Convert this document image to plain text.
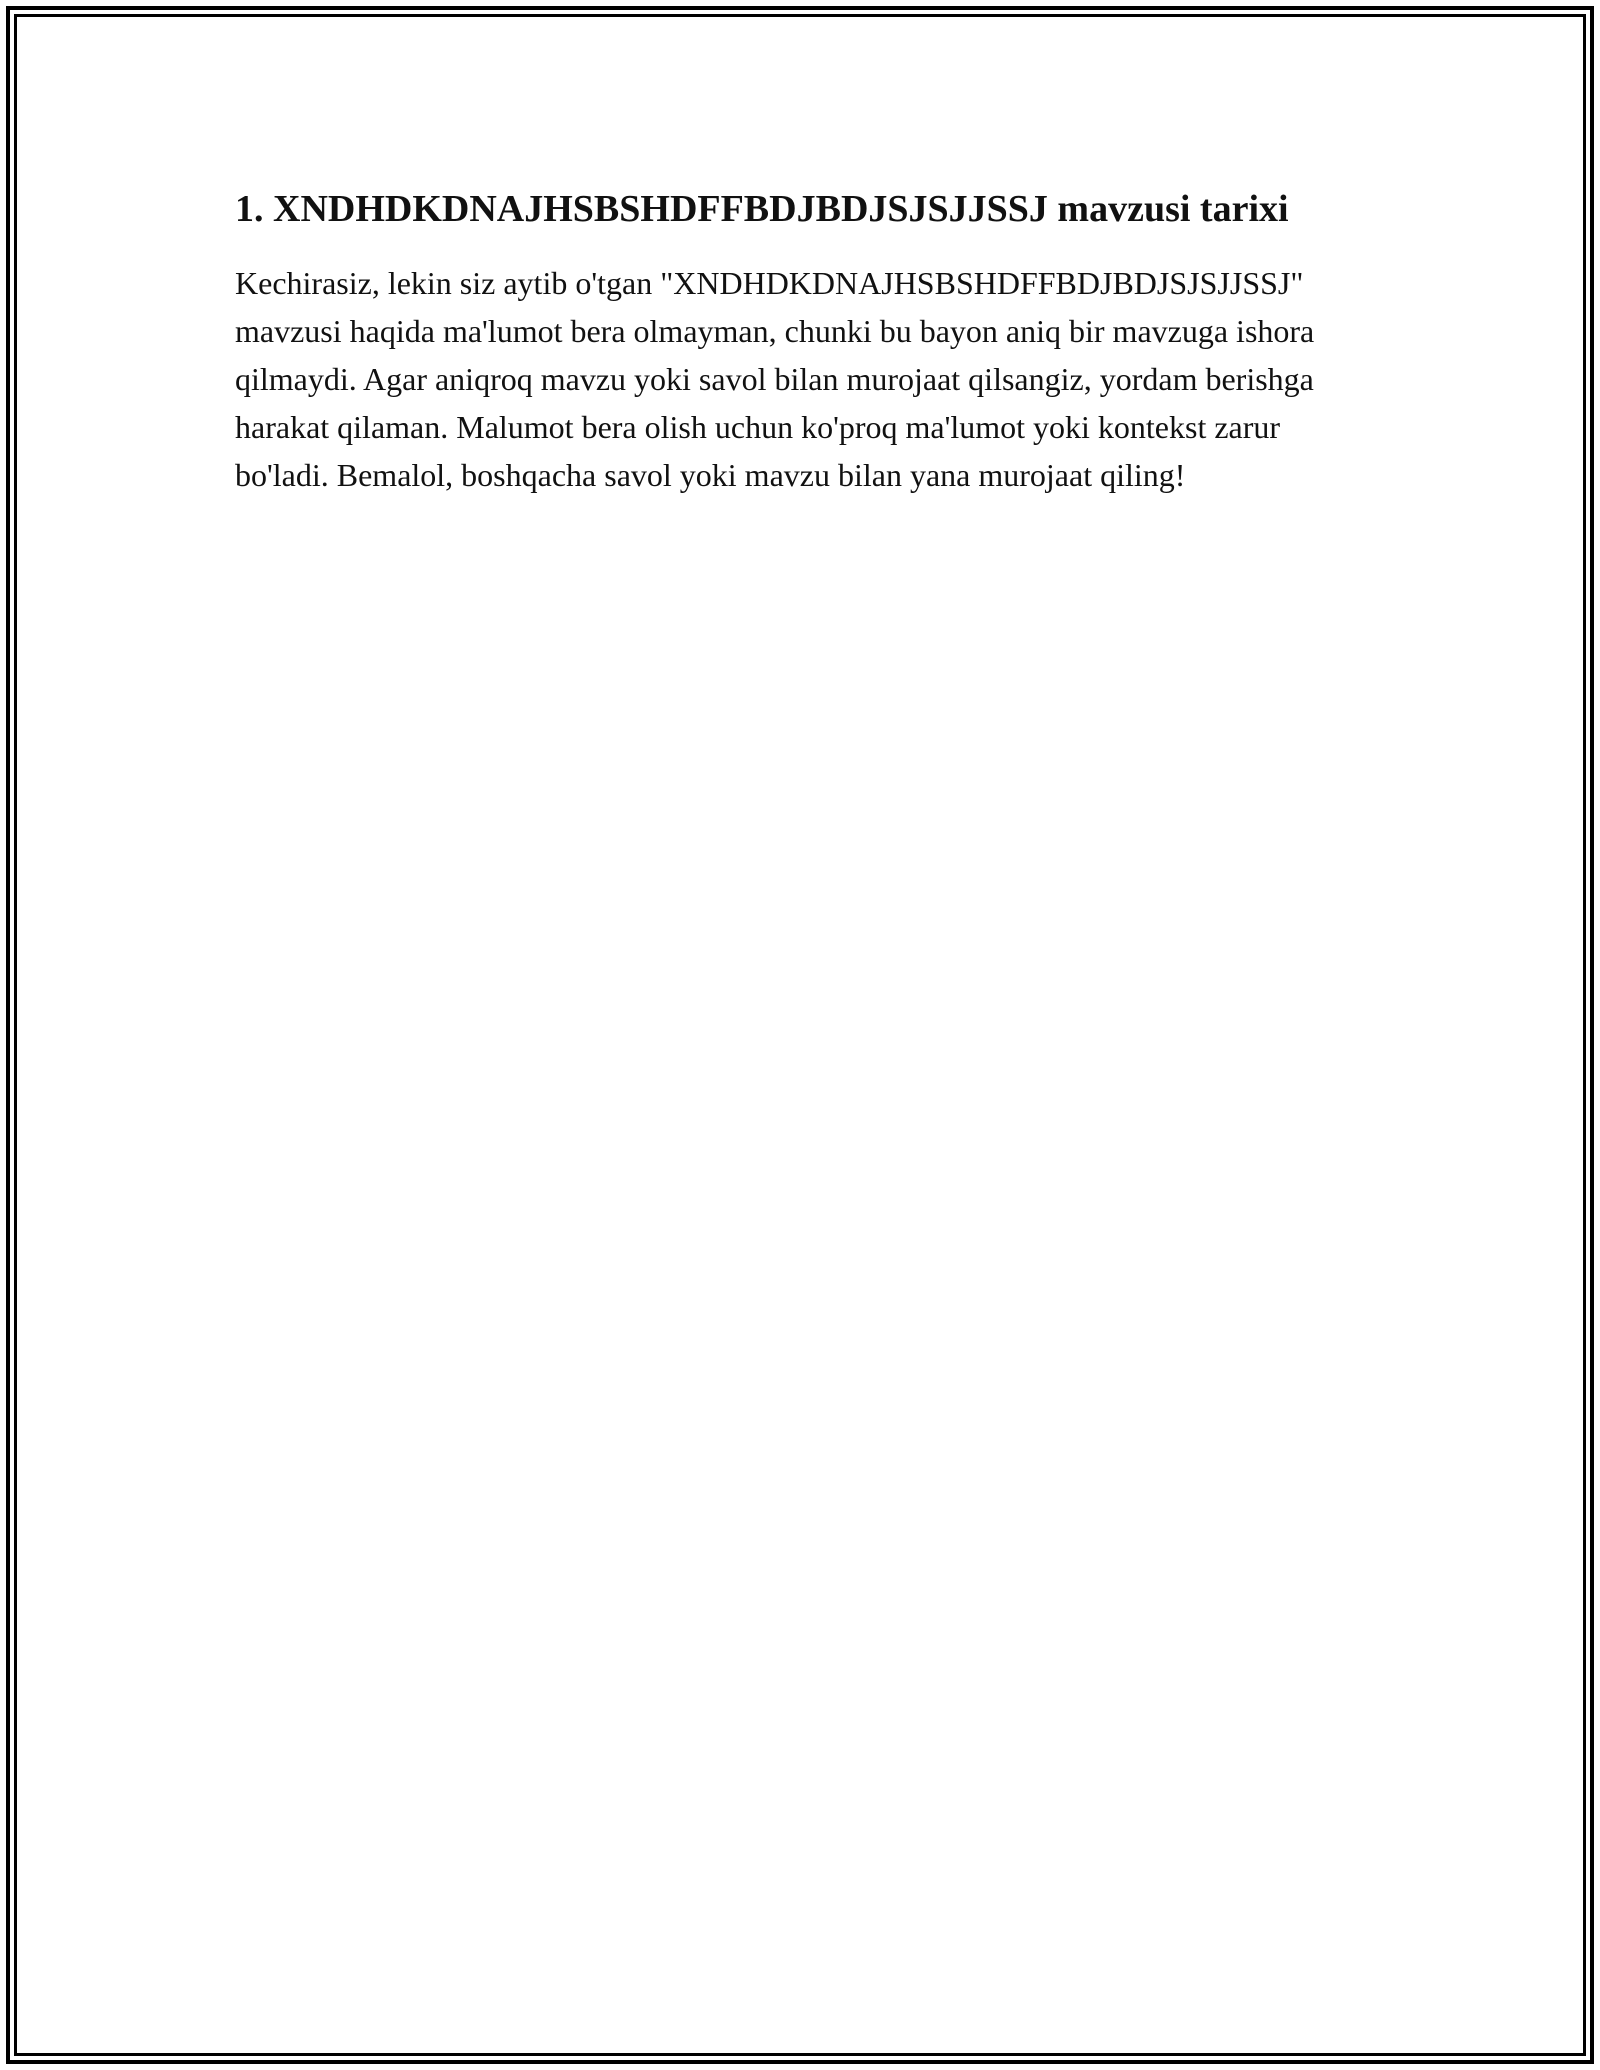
1. XNDHDKDNAJHSBSHDFFBDJBDJSJSJJSSJ mavzusi tarixi

Kechirasiz, lekin siz aytib o'tgan "XNDHDKDNAJHSBSHDFFBDJBDJSJSJJSSJ" mavzusi haqida ma'lumot bera olmayman, chunki bu bayon aniq bir mavzuga ishora qilmaydi. Agar aniqroq mavzu yoki savol bilan murojaat qilsangiz, yordam berishga harakat qilaman. Malumot bera olish uchun ko'proq ma'lumot yoki kontekst zarur bo'ladi. Bemalol, boshqacha savol yoki mavzu bilan yana murojaat qiling!
